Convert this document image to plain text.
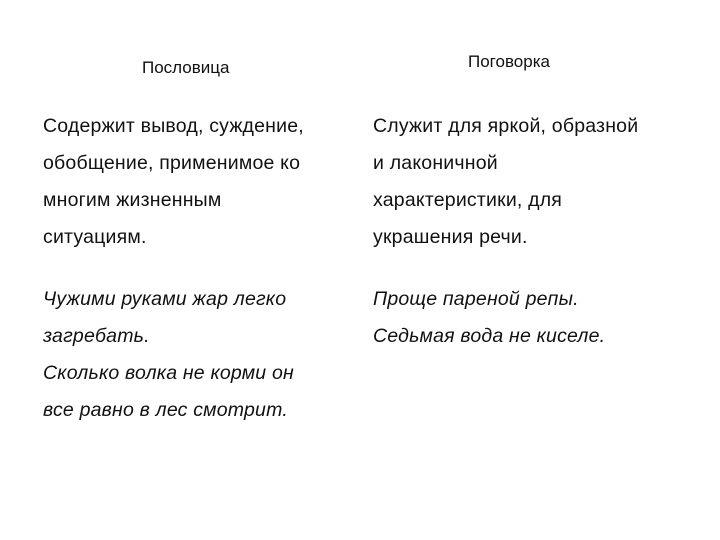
Пословица	Поговорка
Содержит вывод, суждение,
обобщение, применимое ко
многим жизненным
ситуациям.
Служит для яркой, образной
и лаконичной
характеристики, для
украшения речи.
Чужими руками жар легко
загребать.
Сколько волка не корми он
все равно в лес смотрит.
Проще пареной репы.
Седьмая вода не киселе.
